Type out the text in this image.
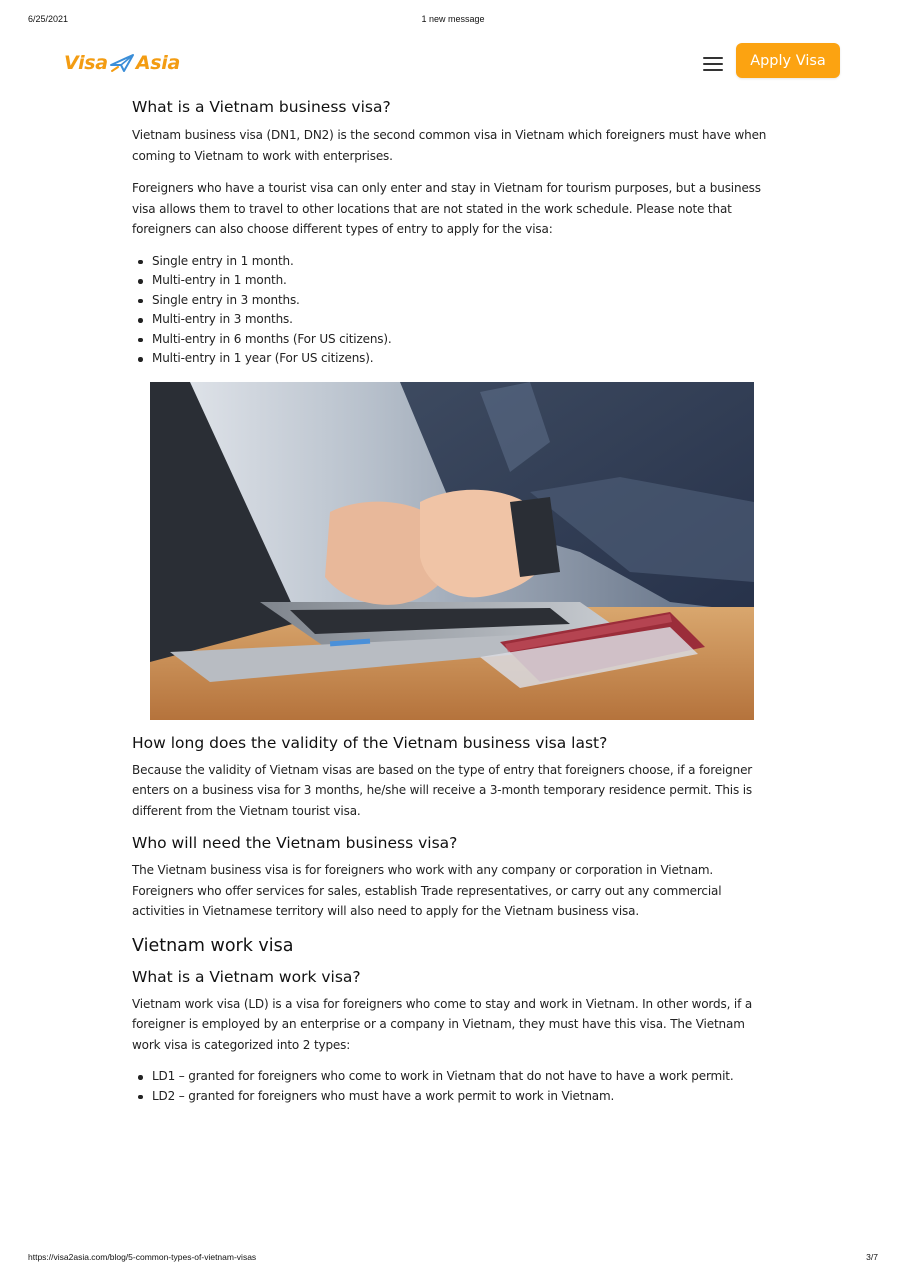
6/25/2021	1 new message
Visa Asia	Apply Visa
What is a Vietnam business visa?

Vietnam business visa (DN1, DN2) is the second common visa in Vietnam which foreigners must have when coming to Vietnam to work with enterprises.

Foreigners who have a tourist visa can only enter and stay in Vietnam for tourism purposes, but a business visa allows them to travel to other locations that are not stated in the work schedule. Please note that foreigners can also choose different types of entry to apply for the visa:

Single entry in 1 month.
Multi-entry in 1 month.
Single entry in 3 months.
Multi-entry in 3 months.
Multi-entry in 6 months (For US citizens).
Multi-entry in 1 year (For US citizens).
How long does the validity of the Vietnam business visa last?

Because the validity of Vietnam visas are based on the type of entry that foreigners choose, if a foreigner enters on a business visa for 3 months, he/she will receive a 3-month temporary residence permit. This is different from the Vietnam tourist visa.

Who will need the Vietnam business visa?

The Vietnam business visa is for foreigners who work with any company or corporation in Vietnam. Foreigners who offer services for sales, establish Trade representatives, or carry out any commercial activities in Vietnamese territory will also need to apply for the Vietnam business visa.

Vietnam work visa
What is a Vietnam work visa?

Vietnam work visa (LD) is a visa for foreigners who come to stay and work in Vietnam. In other words, if a foreigner is employed by an enterprise or a company in Vietnam, they must have this visa. The Vietnam work visa is categorized into 2 types:

LD1 – granted for foreigners who come to work in Vietnam that do not have to have a work permit.
LD2 – granted for foreigners who must have a work permit to work in Vietnam.
https://visa2asia.com/blog/5-common-types-of-vietnam-visas	3/7
